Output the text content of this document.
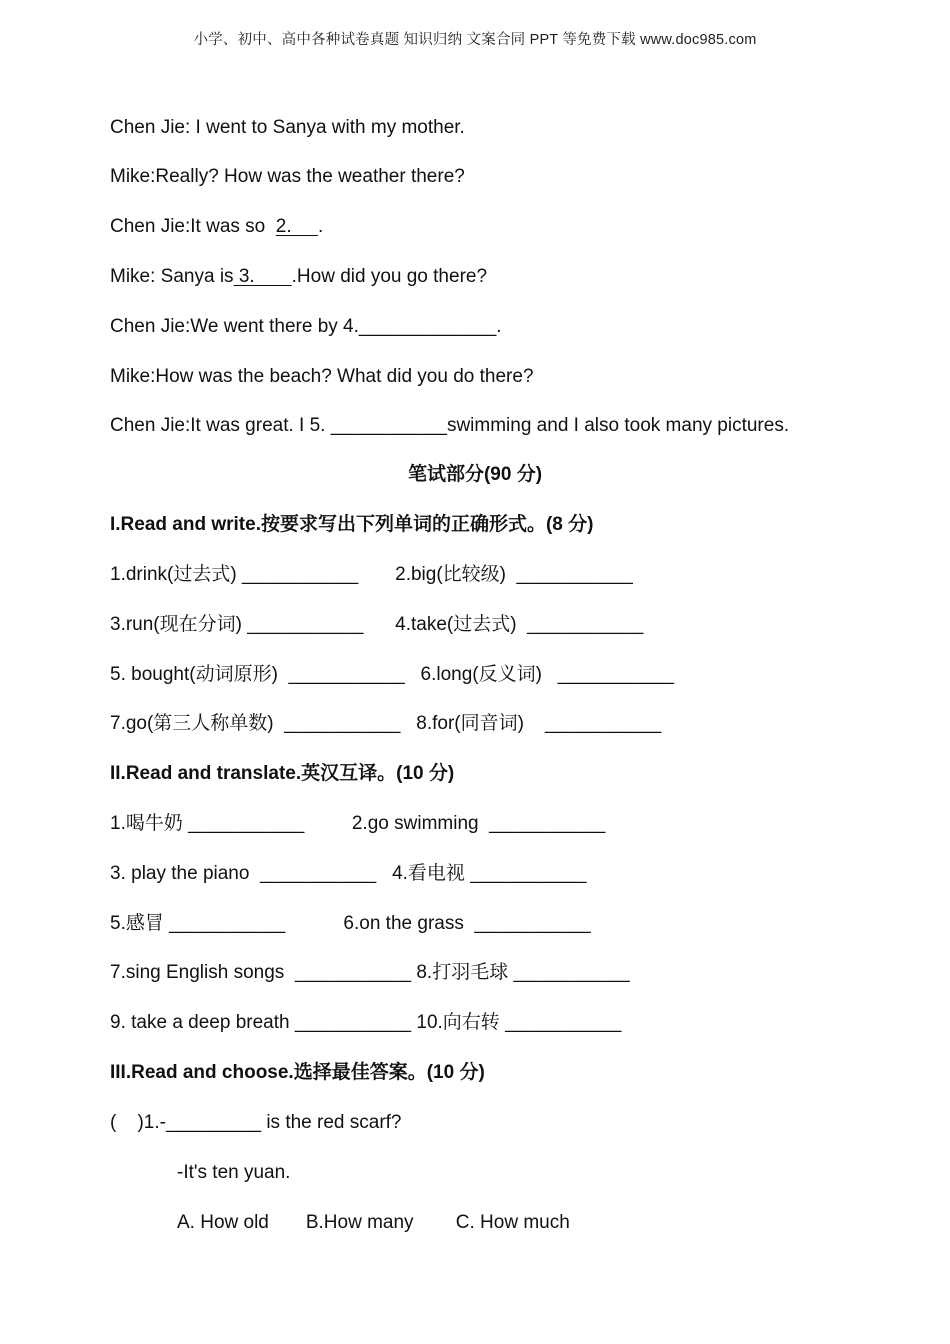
小学、初中、高中各种试卷真题 知识归纳 文案合同 PPT 等免费下载 www.doc985.com
Chen Jie: I went to Sanya with my mother.
Mike:Really? How was the weather there?
Chen Jie:It was so  2.     .
Mike: Sanya is 3.       .How did you go there?
Chen Jie:We went there by 4._____________.
Mike:How was the beach? What did you do there?
Chen Jie:It was great. I 5. ___________swimming and I also took many pictures.
笔试部分(90 分)
I.Read and write.按要求写出下列单词的正确形式。(8 分)
1.drink(过去式) ___________       2.big(比较级)  ___________
3.run(现在分词) ___________      4.take(过去式)  ___________
5. bought(动词原形)  ___________   6.long(反义词)   ___________
7.go(第三人称单数)  ___________   8.for(同音词)    ___________
II.Read and translate.英汉互译。(10 分)
1.喝牛奶 ___________         2.go swimming  ___________
3. play the piano  ___________   4.看电视 ___________
5.感冒 ___________           6.on the grass  ___________
7.sing English songs  ___________ 8.打羽毛球 ___________
9. take a deep breath ___________ 10.向右转 ___________
III.Read and choose.选择最佳答案。(10 分)
(    )1.-_________ is the red scarf?
-It's ten yuan.
A. How old       B.How many        C. How much
